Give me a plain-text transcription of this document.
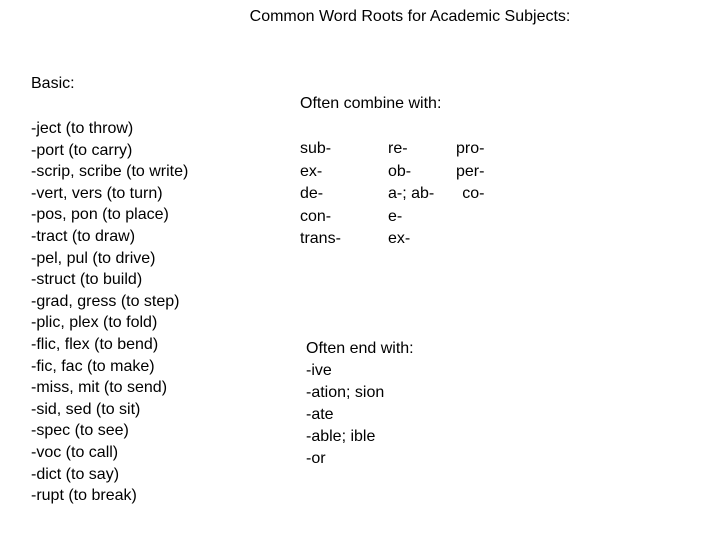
Common Word Roots for Academic Subjects:
Basic:
-ject (to throw)
-port (to carry)
-scrip, scribe (to write)
-vert, vers (to turn)
-pos, pon (to place)
-tract (to draw)
-pel, pul (to drive)
-struct (to build)
-grad, gress (to step)
-plic, plex (to fold)
-flic, flex (to bend)
-fic, fac (to make)
-miss, mit (to send)
-sid, sed (to sit)
-spec (to see)
-voc (to call)
-dict (to say)
-rupt (to break)
Often combine with:
sub-
ex-
de-
con-
trans-
re-
ob-
a-; ab-
e-
ex-
pro-
per-
co-
Often end with:
-ive
-ation; sion
-ate
-able; ible
-or
